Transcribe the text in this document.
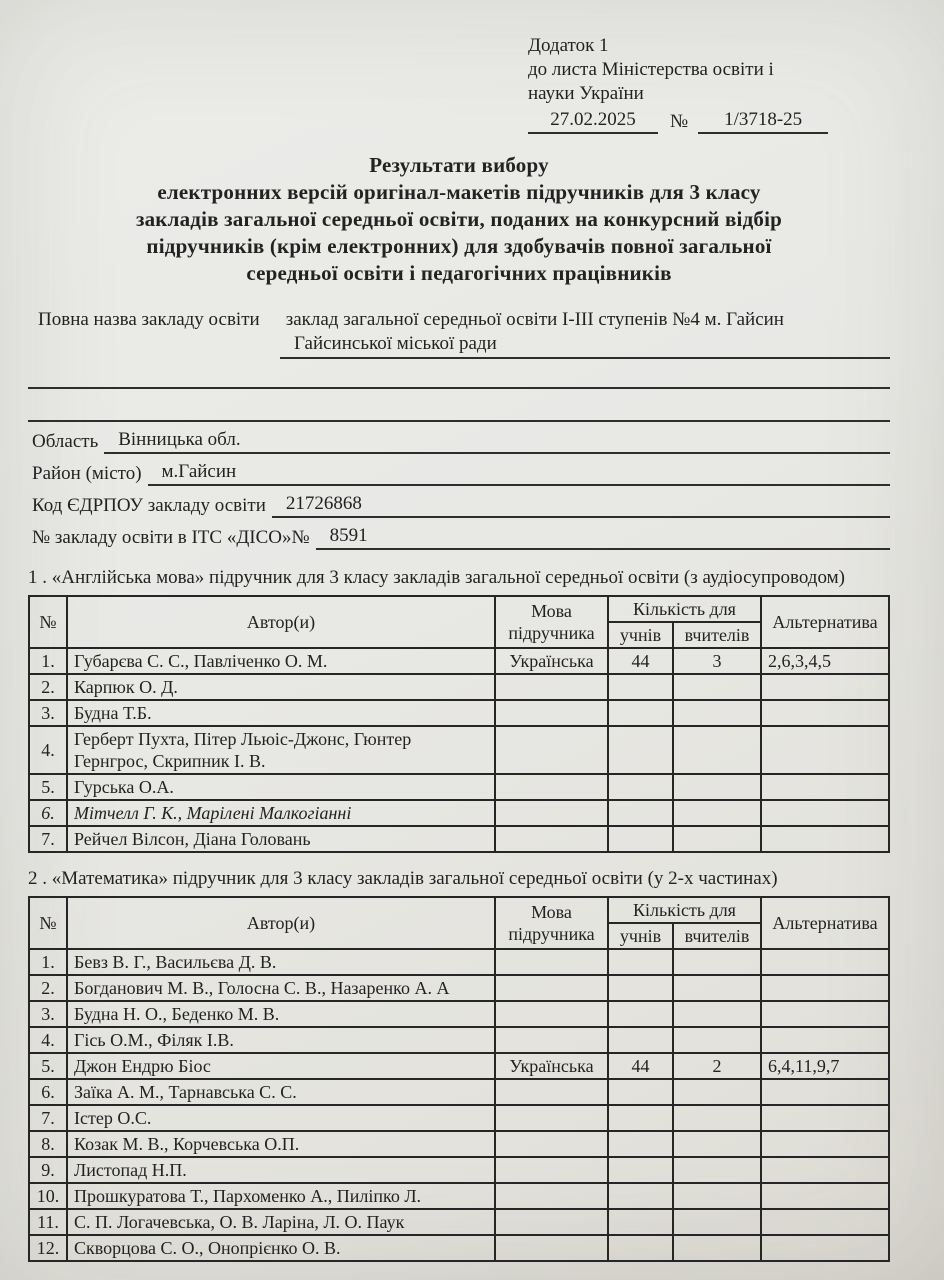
Додаток 1
до листа Міністерства освіти і
науки України
27.02.2025	№	1/3718-25
Результати вибору
електронних версій оригінал-макетів підручників для 3 класу
закладів загальної середньої освіти, поданих на конкурсний відбір
підручників (крім електронних) для здобувачів повної загальної
середньої освіти і педагогічних працівників
Повна назва закладу освіти	заклад загальної середньої освіти І-ІІІ ступенів №4 м. Гайсин
Гайсинської міської ради
Область	Вінницька обл.
Район (місто)	м.Гайсин
Код ЄДРПОУ закладу освіти	21726868
№ закладу освіти в ІТС «ДІСО»№	8591
1 . «Англійська мова» підручник для 3 класу закладів загальної середньої освіти (з аудіосупроводом)
№	Автор(и)	Мова підручника	Кількість для		Альтернатива
			учнів	вчителів	
1.	Губарєва С. С., Павліченко О. М.	Українська	44	3	2,6,3,4,5
2.	Карпюк О. Д.				
3.	Будна Т.Б.				
4.	Герберт Пухта, Пітер Льюіс-Джонс, Гюнтер Гернгрос, Скрипник І. В.				
5.	Гурська О.А.				
6.	Мітчелл Г. К., Марілені Малкогіанні				
7.	Рейчел Вілсон, Діана Головань				
2 . «Математика» підручник для 3 класу закладів загальної середньої освіти (у 2-х частинах)
№	Автор(и)	Мова підручника	Кількість для		Альтернатива
			учнів	вчителів	
1.	Бевз В. Г., Васильєва Д. В.				
2.	Богданович М. В., Голосна С. В., Назаренко А. А				
3.	Будна Н. О., Беденко М. В.				
4.	Гісь О.М., Філяк І.В.				
5.	Джон Ендрю Біос	Українська	44	2	6,4,11,9,7
6.	Заїка А. М., Тарнавська С. С.				
7.	Істер О.С.				
8.	Козак М. В., Корчевська О.П.				
9.	Листопад Н.П.				
10.	Прошкуратова Т., Пархоменко А., Пиліпко Л.				
11.	С. П. Логачевська, О. В. Ларіна, Л. О. Паук				
12.	Скворцова С. О., Онопрієнко О. В.				
